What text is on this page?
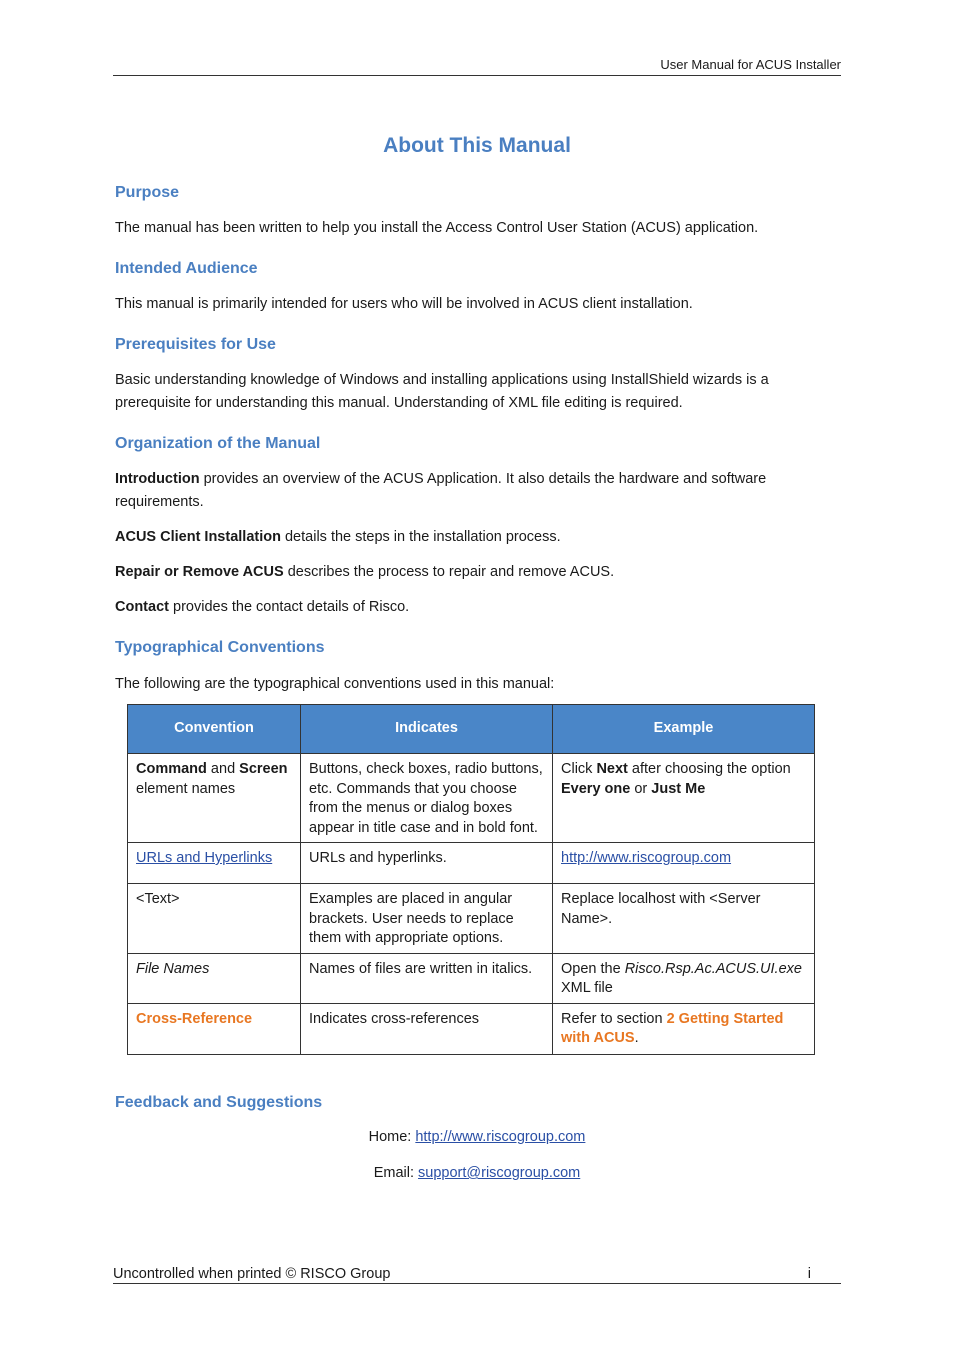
User Manual for ACUS Installer
About This Manual
Purpose

The manual has been written to help you install the Access Control User Station (ACUS) application.

Intended Audience

This manual is primarily intended for users who will be involved in ACUS client installation.

Prerequisites for Use

Basic understanding knowledge of Windows and installing applications using InstallShield wizards is a prerequisite for understanding this manual. Understanding of XML file editing is required.

Organization of the Manual

Introduction provides an overview of the ACUS Application. It also details the hardware and software requirements.

ACUS Client Installation details the steps in the installation process.

Repair or Remove ACUS describes the process to repair and remove ACUS.

Contact provides the contact details of Risco.

Typographical Conventions

The following are the typographical conventions used in this manual:

Convention	Indicates	Example
Command and Screen element names	Buttons, check boxes, radio buttons, etc. Commands that you choose from the menus or dialog boxes appear in title case and in bold font.	Click Next after choosing the option Every one or Just Me
URLs and Hyperlinks	URLs and hyperlinks.	http://www.riscogroup.com
<Text>	Examples are placed in angular brackets. User needs to replace them with appropriate options.	Replace localhost with <Server Name>.
File Names	Names of files are written in italics.	Open the Risco.Rsp.Ac.ACUS.UI.exe XML file
Cross-Reference	Indicates cross-references	Refer to section 2 Getting Started with ACUS.
Feedback and Suggestions

Home: http://www.riscogroup.com

Email: support@riscogroup.com

Uncontrolled when printed © RISCO Group	i
